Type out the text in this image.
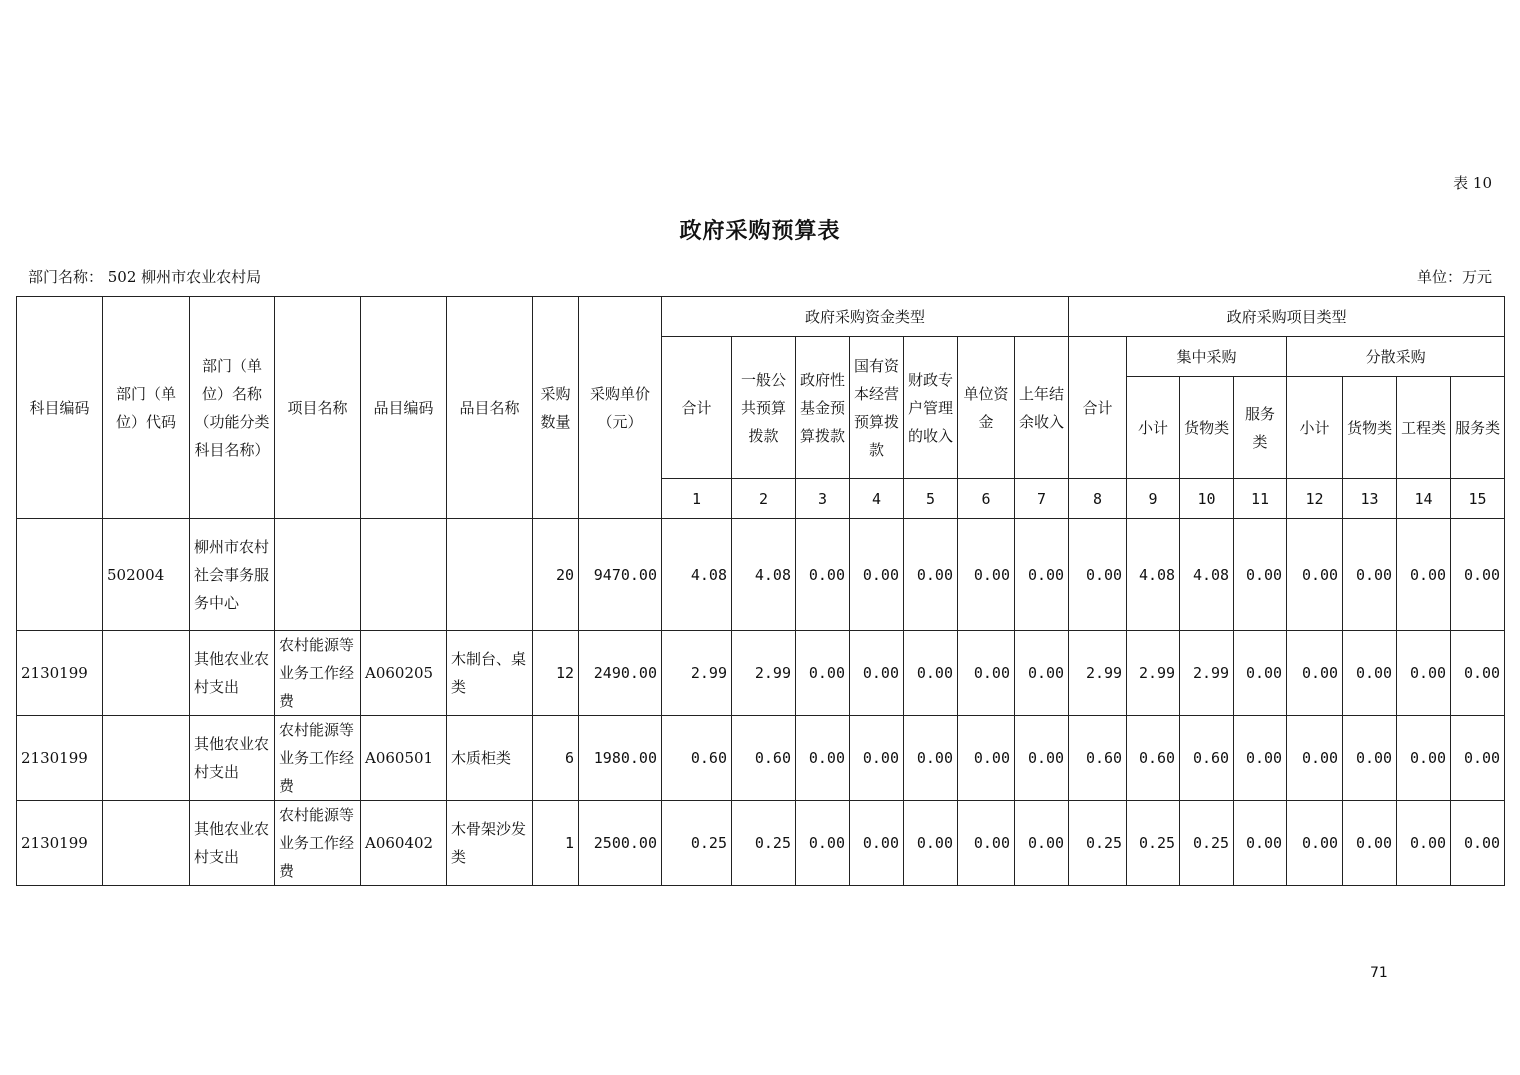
表 10
政府采购预算表
部门名称： 502 柳州市农业农村局	单位：万元
科目编码	部门（单位）代码	部门（单位）名称（功能分类科目名称）	项目名称	品目编码	品目名称	采购数量	采购单价（元）	政府采购资金类型							政府采购项目类型							
								合计	一般公共预算拨款	政府性基金预算拨款	国有资本经营预算拨款	财政专户管理的收入	单位资金	上年结余收入	合计	集中采购			分散采购			
																小计	货物类	服务类	小计	货物类	工程类	服务类
								1	2	3	4	5	6	7	8	9	10	11	12	13	14	15
	502004	柳州市农村社会事务服务中心				20	9470.00	4.08	4.08	0.00	0.00	0.00	0.00	0.00	0.00	4.08	4.08	0.00	0.00	0.00	0.00	0.00
2130199		其他农业农村支出	农村能源等业务工作经费	A060205	木制台、桌类	12	2490.00	2.99	2.99	0.00	0.00	0.00	0.00	0.00	2.99	2.99	2.99	0.00	0.00	0.00	0.00	0.00
2130199		其他农业农村支出	农村能源等业务工作经费	A060501	木质柜类	6	1980.00	0.60	0.60	0.00	0.00	0.00	0.00	0.00	0.60	0.60	0.60	0.00	0.00	0.00	0.00	0.00
2130199		其他农业农村支出	农村能源等业务工作经费	A060402	木骨架沙发类	1	2500.00	0.25	0.25	0.00	0.00	0.00	0.00	0.00	0.25	0.25	0.25	0.00	0.00	0.00	0.00	0.00
71
